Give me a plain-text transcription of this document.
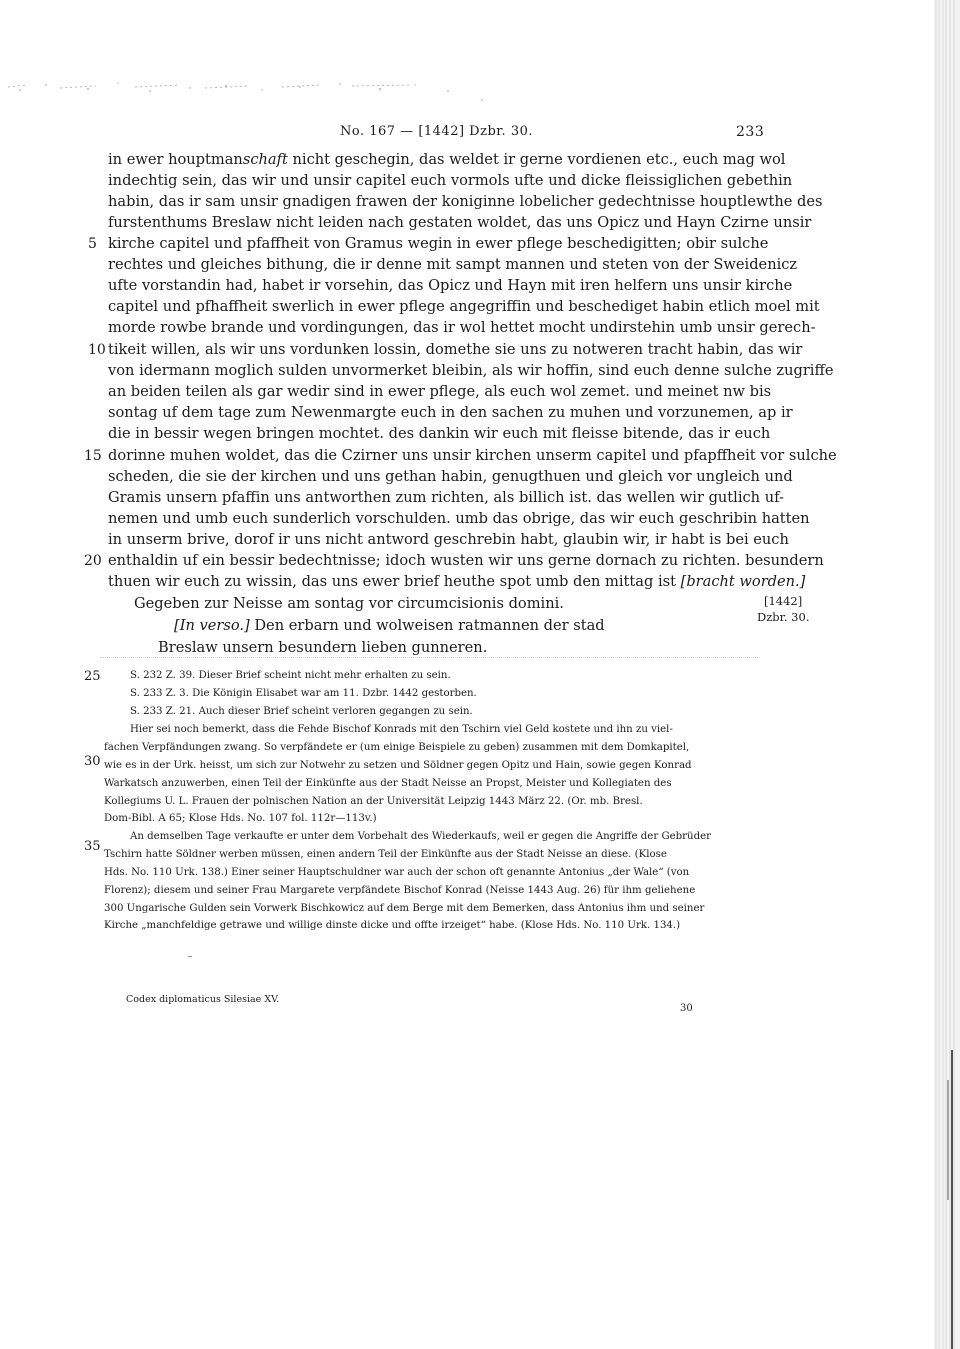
No. 167 — [1442] Dzbr. 30.	233
in ewer houptmanschaft nicht geschegin, das weldet ir gerne vordienen etc., euch mag wol
indechtig sein, das wir und unsir capitel euch vormols ufte und dicke fleissiglichen gebethin
habin, das ir sam unsir gnadigen frawen der koniginne lobelicher gedechtnisse houptlewthe des
furstenthums Breslaw nicht leiden nach gestaten woldet, das uns Opicz und Hayn Czirne unsir
kirche capitel und pfaffheit von Gramus wegin in ewer pflege beschedigitten; obir sulche
rechtes und gleiches bithung, die ir denne mit sampt mannen und steten von der Sweidenicz
ufte vorstandin had, habet ir vorsehin, das Opicz und Hayn mit iren helfern uns unsir kirche
capitel und pfhaffheit swerlich in ewer pflege angegriffin und beschediget habin etlich moel mit
morde rowbe brande und vordingungen, das ir wol hettet mocht undirstehin umb unsir gerech-
tikeit willen, als wir uns vordunken lossin, domethe sie uns zu notweren tracht habin, das wir
von idermann moglich sulden unvormerket bleibin, als wir hoffin, sind euch denne sulche zugriffe
an beiden teilen als gar wedir sind in ewer pflege, als euch wol zemet. und meinet nw bis
sontag uf dem tage zum Newenmargte euch in den sachen zu muhen und vorzunemen, ap ir
die in bessir wegen bringen mochtet. des dankin wir euch mit fleisse bitende, das ir euch
dorinne muhen woldet, das die Czirner uns unsir kirchen unserm capitel und pfapffheit vor sulche
scheden, die sie der kirchen und uns gethan habin, genugthuen und gleich vor ungleich und
Gramis unsern pfaffin uns antworthen zum richten, als billich ist. das wellen wir gutlich uf-
nemen und umb euch sunderlich vorschulden. umb das obrige, das wir euch geschribin hatten
in unserm brive, dorof ir uns nicht antword geschrebin habt, glaubin wir, ir habt is bei euch
enthaldin uf ein bessir bedechtnisse; idoch wusten wir uns gerne dornach zu richten. besundern
thuen wir euch zu wissin, das uns ewer brief heuthe spot umb den mittag ist [bracht worden.]
Gegeben zur Neisse am sontag vor circumcisionis domini.
[In verso.] Den erbarn und wolweisen ratmannen der stad
Breslaw unsern besundern lieben gunneren.
5
10
15
20
[1442]
Dzbr. 30.
S. 232 Z. 39. Dieser Brief scheint nicht mehr erhalten zu sein.
S. 233 Z. 3. Die Königin Elisabet war am 11. Dzbr. 1442 gestorben.
S. 233 Z. 21. Auch dieser Brief scheint verloren gegangen zu sein.
Hier sei noch bemerkt, dass die Fehde Bischof Konrads mit den Tschirn viel Geld kostete und ihn zu viel-
fachen Verpfändungen zwang. So verpfändete er (um einige Beispiele zu geben) zusammen mit dem Domkapitel,
wie es in der Urk. heisst, um sich zur Notwehr zu setzen und Söldner gegen Opitz und Hain, sowie gegen Konrad
Warkatsch anzuwerben, einen Teil der Einkünfte aus der Stadt Neisse an Propst, Meister und Kollegiaten des
Kollegiums U. L. Frauen der polnischen Nation an der Universität Leipzig 1443 März 22. (Or. mb. Bresl.
Dom-Bibl. A 65; Klose Hds. No. 107 fol. 112r—113v.)
An demselben Tage verkaufte er unter dem Vorbehalt des Wiederkaufs, weil er gegen die Angriffe der Gebrüder
Tschirn hatte Söldner werben müssen, einen andern Teil der Einkünfte aus der Stadt Neisse an diese. (Klose
Hds. No. 110 Urk. 138.) Einer seiner Hauptschuldner war auch der schon oft genannte Antonius „der Wale“ (von
Florenz); diesem und seiner Frau Margarete verpfändete Bischof Konrad (Neisse 1443 Aug. 26) für ihm geliehene
300 Ungarische Gulden sein Vorwerk Bischkowicz auf dem Berge mit dem Bemerken, dass Antonius ihm und seiner
Kirche „manchfeldige getrawe und willige dinste dicke und offte irzeiget“ habe. (Klose Hds. No. 110 Urk. 134.)
25
30
35
Codex diplomaticus Silesiae XV.
30
